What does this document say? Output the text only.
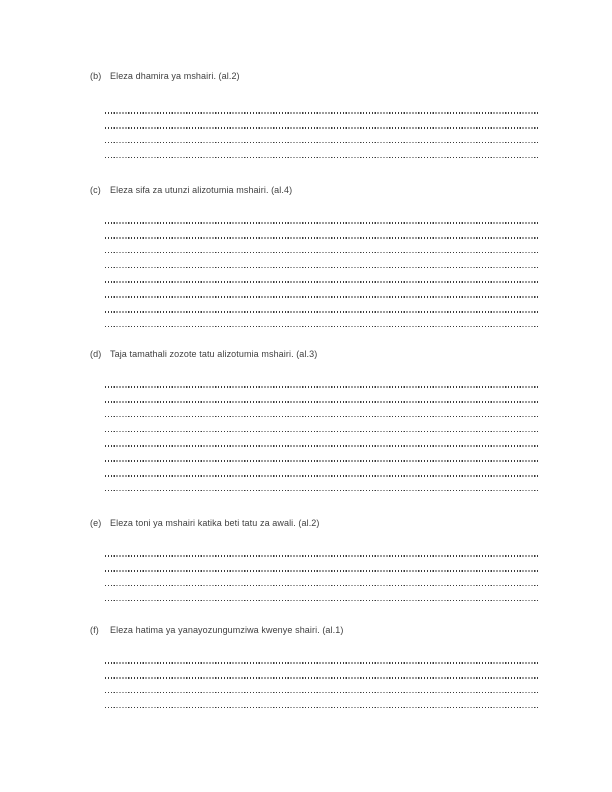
(b) Eleza dhamira ya mshairi. (al.2)
(c)	Eleza sifa za utunzi alizotumia mshairi. (al.4)
(d) Taja tamathali zozote tatu alizotumia mshairi. (al.3)
(e) Eleza toni ya mshairi katika beti tatu za awali. (al.2)
(f)	Eleza hatima ya yanayozungumziwa kwenye shairi. (al.1)
